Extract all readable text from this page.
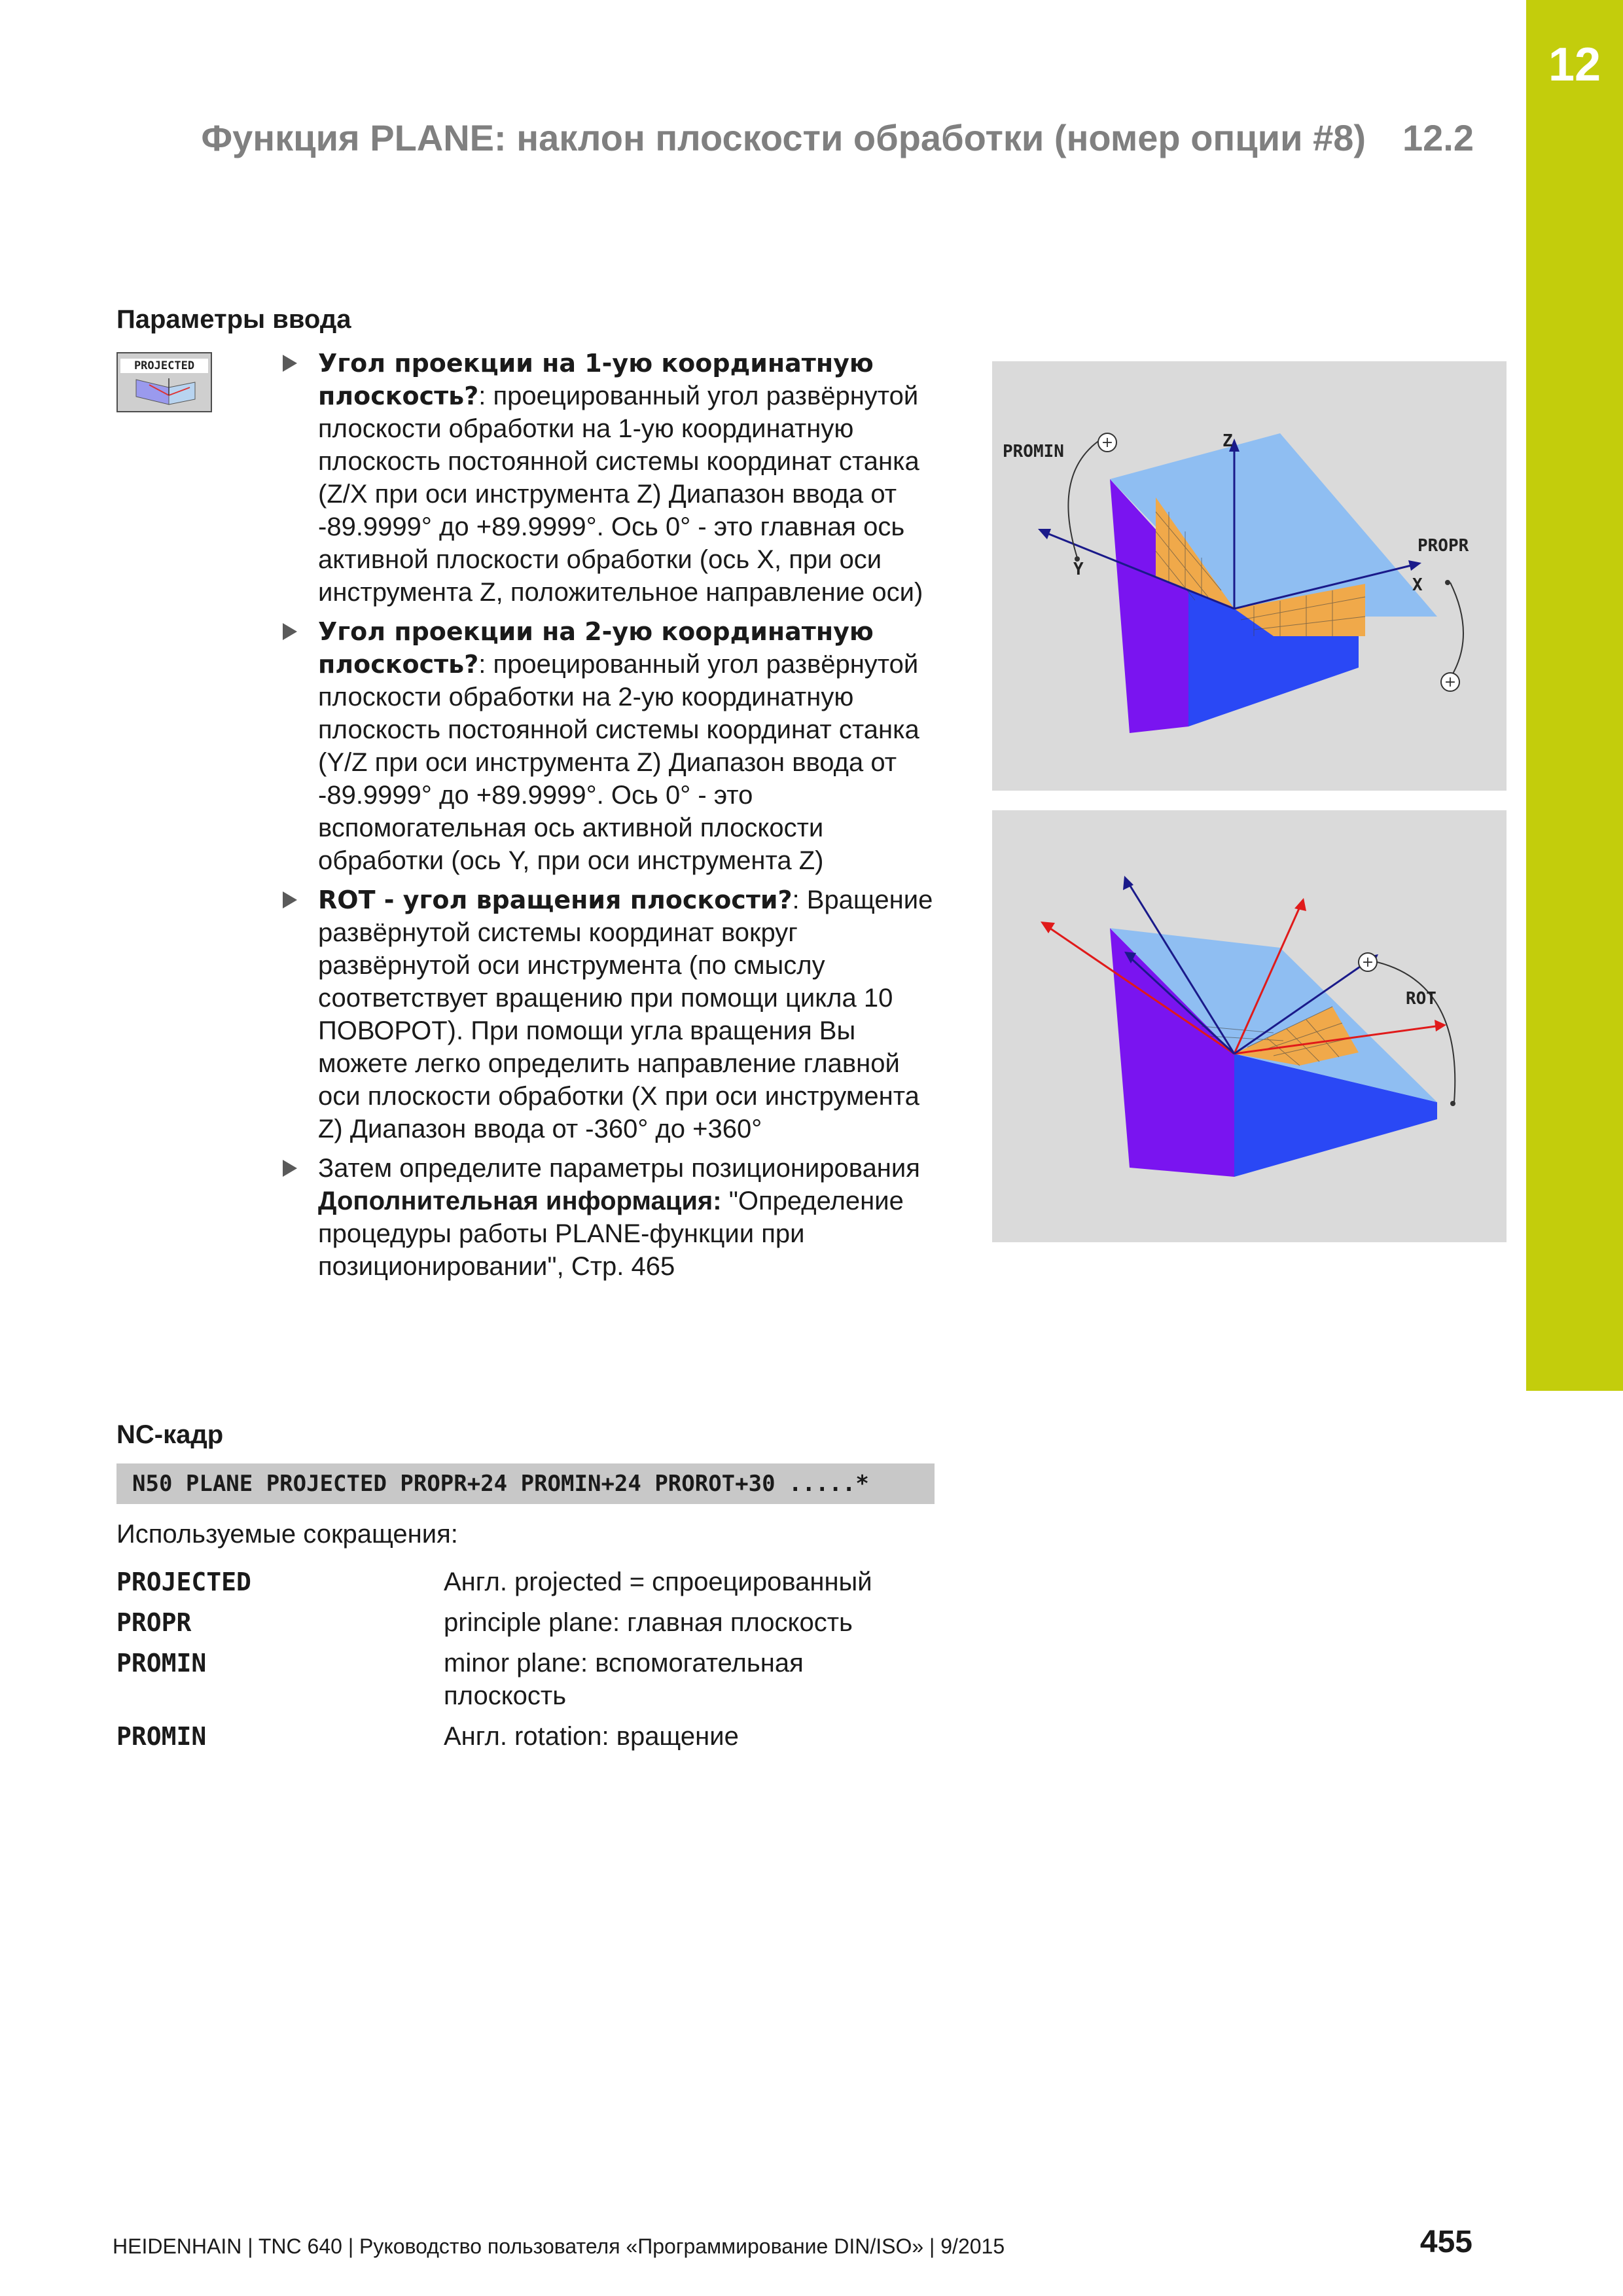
12
Функция PLANE: наклон плоскости обработки (номер опции #8) 12.2
Параметры ввода
PROJECTED	Угол проекции на 1-ую координатную плоскость?: проецированный угол развёрнутой плоскости обработки на 1-ую координатную плоскость постоянной системы координат станка (Z/X при оси инструмента Z) Диапазон ввода от -89.9999° до +89.9999°. Ось 0° - это главная ось активной плоскости обработки (ось X, при оси инструмента Z, положительное направление оси)
Угол проекции на 2-ую координатную плоскость?: проецированный угол развёрнутой плоскости обработки на 2-ую координатную плоскость постоянной системы координат станка (Y/Z при оси инструмента Z) Диапазон ввода от -89.9999° до +89.9999°. Ось 0° - это вспомогательная ось активной плоскости обработки (ось Y, при оси инструмента Z)
ROT - угол вращения плоскости?: Вращение развёрнутой системы координат вокруг развёрнутой оси инструмента (по смыслу соответствует вращению при помощи цикла 10 ПОВОРОТ). При помощи угла вращения Вы можете легко определить направление главной оси плоскости обработки (X при оси инструмента Z) Диапазон ввода от -360° до +360°
Затем определите параметры позиционирования
Дополнительная информация: "Определение процедуры работы PLANE-функции при позиционировании", Стр. 465
+
+
PROMIN
Z
Y
X
PROPR
+
ROT
NC-кадр
N50 PLANE PROJECTED PROPR+24 PROMIN+24 PROROT+30 .....*
Используемые сокращения:
PROJECTED	Англ. projected = спроецированный
PROPR	principle plane: главная плоскость
PROMIN	minor plane: вспомогательная плоскость
PROMIN	Англ. rotation: вращение
HEIDENHAIN | TNC 640 | Руководство пользователя «Программирование DIN/ISO» | 9/2015	455
